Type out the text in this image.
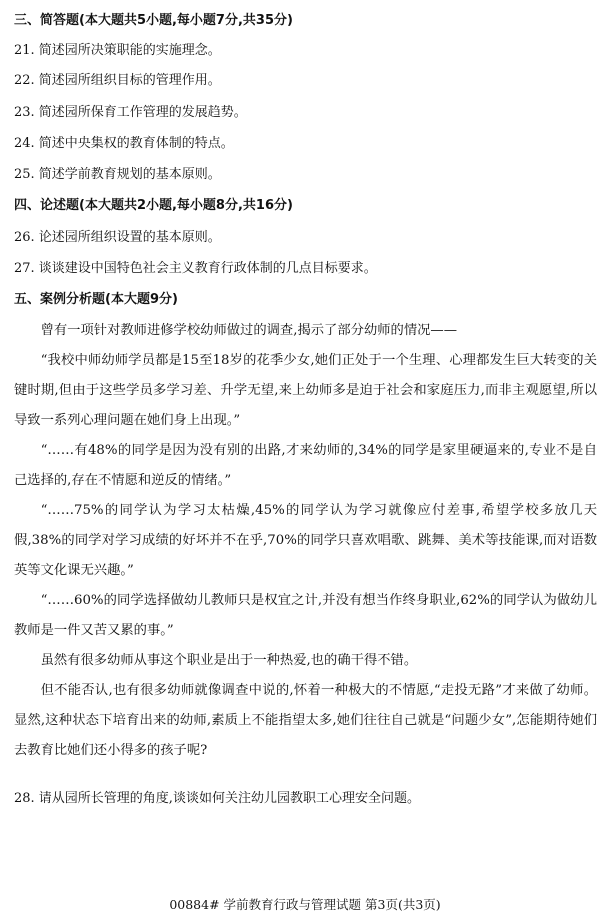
三、简答题(本大题共5小题,每小题7分,共35分)
21. 简述园所决策职能的实施理念。
22. 简述园所组织目标的管理作用。
23. 简述园所保育工作管理的发展趋势。
24. 简述中央集权的教育体制的特点。
25. 简述学前教育规划的基本原则。
四、论述题(本大题共2小题,每小题8分,共16分)
26. 论述园所组织设置的基本原则。
27. 谈谈建设中国特色社会主义教育行政体制的几点目标要求。
五、案例分析题(本大题9分)

曾有一项针对教师进修学校幼师做过的调查,揭示了部分幼师的情况——

“我校中师幼师学员都是15至18岁的花季少女,她们正处于一个生理、心理都发生巨大转变的关键时期,但由于这些学员多学习差、升学无望,来上幼师多是迫于社会和家庭压力,而非主观愿望,所以导致一系列心理问题在她们身上出现。”

“……有48%的同学是因为没有别的出路,才来幼师的,34%的同学是家里硬逼来的,专业不是自己选择的,存在不情愿和逆反的情绪。”

“……75%的同学认为学习太枯燥,45%的同学认为学习就像应付差事,希望学校多放几天假,38%的同学对学习成绩的好坏并不在乎,70%的同学只喜欢唱歌、跳舞、美术等技能课,而对语数英等文化课无兴趣。”

“……60%的同学选择做幼儿教师只是权宜之计,并没有想当作终身职业,62%的同学认为做幼儿教师是一件又苦又累的事。”

虽然有很多幼师从事这个职业是出于一种热爱,也的确干得不错。

但不能否认,也有很多幼师就像调查中说的,怀着一种极大的不情愿,“走投无路”才来做了幼师。显然,这种状态下培育出来的幼师,素质上不能指望太多,她们往往自己就是“问题少女”,怎能期待她们去教育比她们还小得多的孩子呢?

28. 请从园所长管理的角度,谈谈如何关注幼儿园教职工心理安全问题。
00884# 学前教育行政与管理试题 第3页(共3页)
